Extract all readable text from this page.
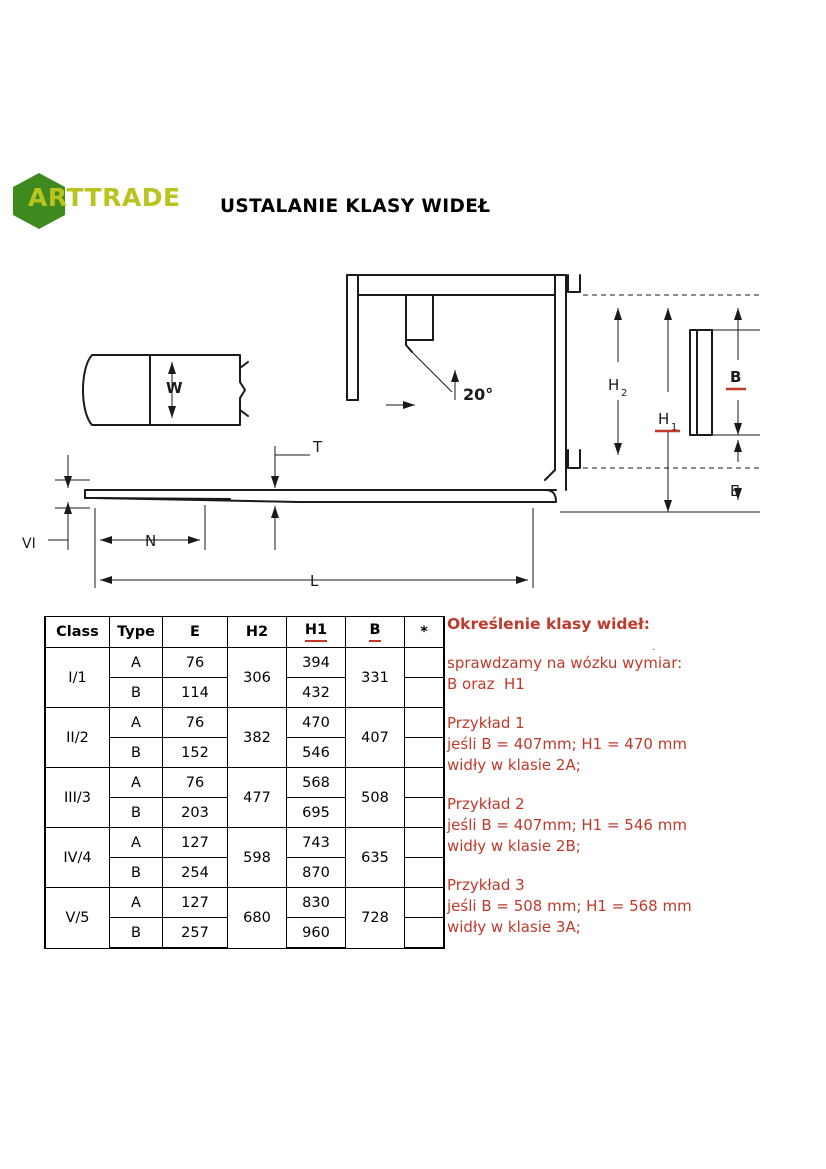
ARTTRADE USTALANIE KLASY WIDEŁ
W
T
N
L
VI
20°	H 2
H 1
B
E
Class	Type	E	H2	H1	B	*
I/1	A	76	306	394	331	
	B	114		432		
II/2	A	76	382	470	407	
	B	152		546		
III/3	A	76	477	568	508	
	B	203		695		
IV/4	A	127	598	743	635	
	B	254		870		
V/5	A	127	680	830	728	
	B	257		960		
Określenie klasy wideł:
·
sprawdzamy na wózku wymiar:
B oraz  H1
Przykład 1
jeśli B = 407mm; H1 = 470 mm
widły w klasie 2A;
Przykład 2
jeśli B = 407mm; H1 = 546 mm
widły w klasie 2B;
Przykład 3
jeśli B = 508 mm; H1 = 568 mm
widły w klasie 3A;
